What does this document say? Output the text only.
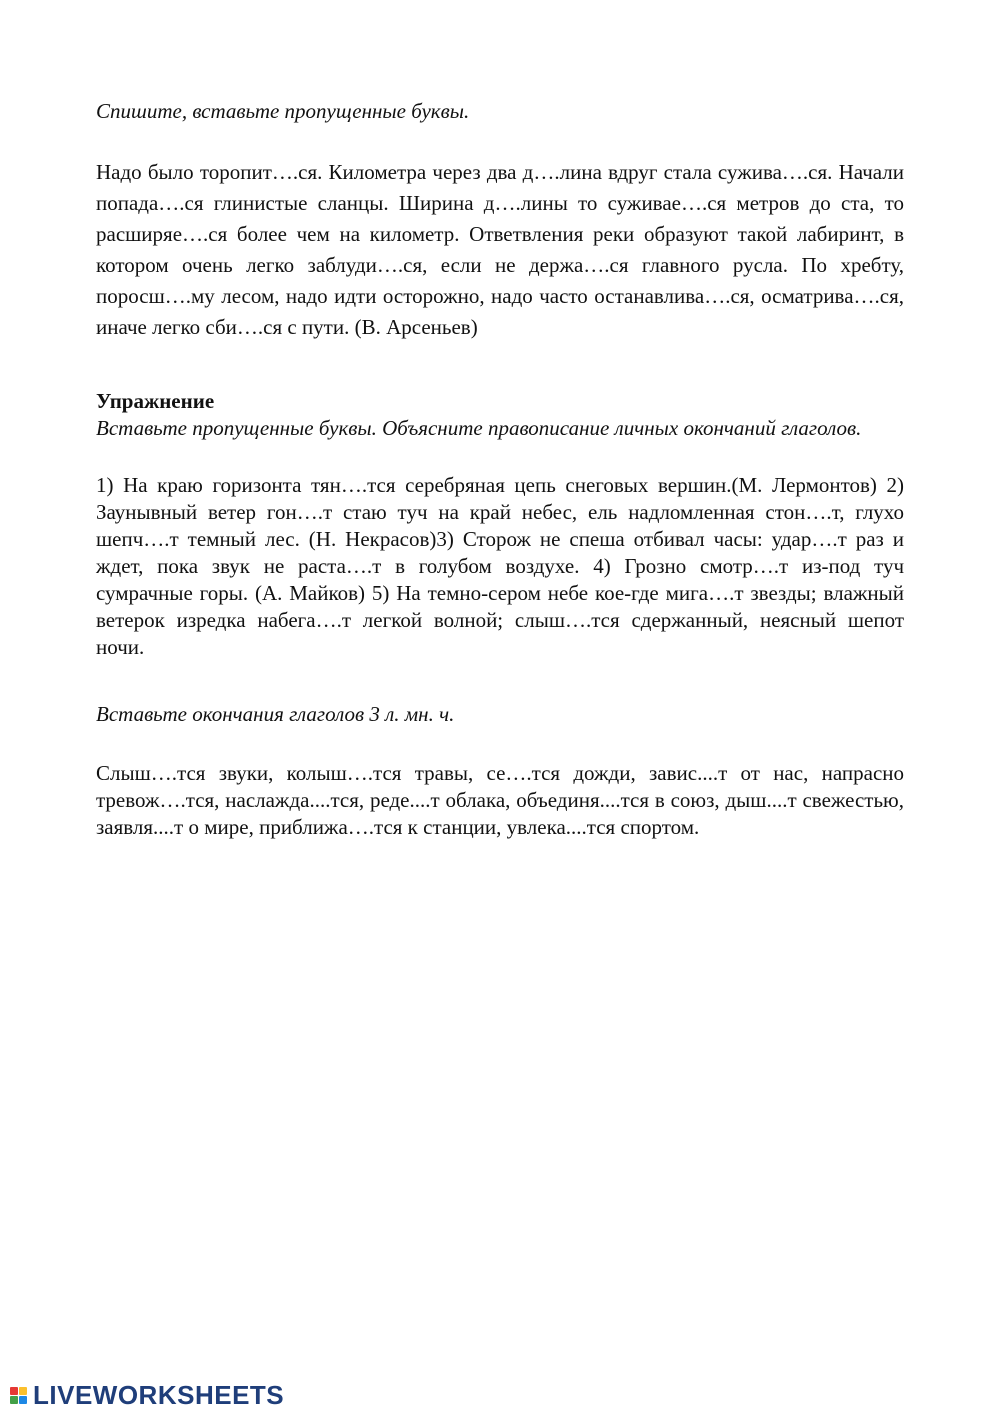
Спишите, вставьте пропущенные буквы.

Надо было торопит….ся. Километра через два д….лина вдруг стала сужива….ся. Начали попада….ся глинистые сланцы. Ширина д….лины то суживае….ся метров до ста, то расширяе….ся более чем на километр. Ответвления реки образуют такой лабиринт, в котором очень легко заблуди….ся, если не держа….ся главного русла. По хребту, поросш….му лесом, надо идти осторожно, надо часто останавлива….ся, осматрива….ся, иначе легко сби….ся с пути. (В. Арсеньев)

Упражнение

Вставьте пропущенные буквы. Объясните правописание личных окончаний глаголов.

1) На краю горизонта тян….тся серебряная цепь снеговых вершин.(М. Лермонтов) 2) Заунывный ветер гон….т стаю туч на край небес, ель надломленная стон….т, глухо шепч….т темный лес. (Н. Некрасов)3) Сторож не спеша отбивал часы: удар….т раз и ждет, пока звук не раста….т в голубом воздухе. 4) Грозно смотр….т из-под туч сумрачные горы. (А. Майков) 5) На темно-сером небе кое-где мига….т звезды; влажный ветерок изредка набега….т легкой волной; слыш….тся сдержанный, неясный шепот ночи.

Вставьте окончания глаголов 3 л. мн. ч.

Слыш….тся звуки, колыш….тся травы, се….тся дожди, завис....т от нас, напрасно тревож….тся, наслажда....тся, реде....т облака, объединя....тся в союз, дыш....т свежестью, заявля....т о мире, приближа….тся к станции, увлека....тся спортом.

LIVEWORKSHEETS
